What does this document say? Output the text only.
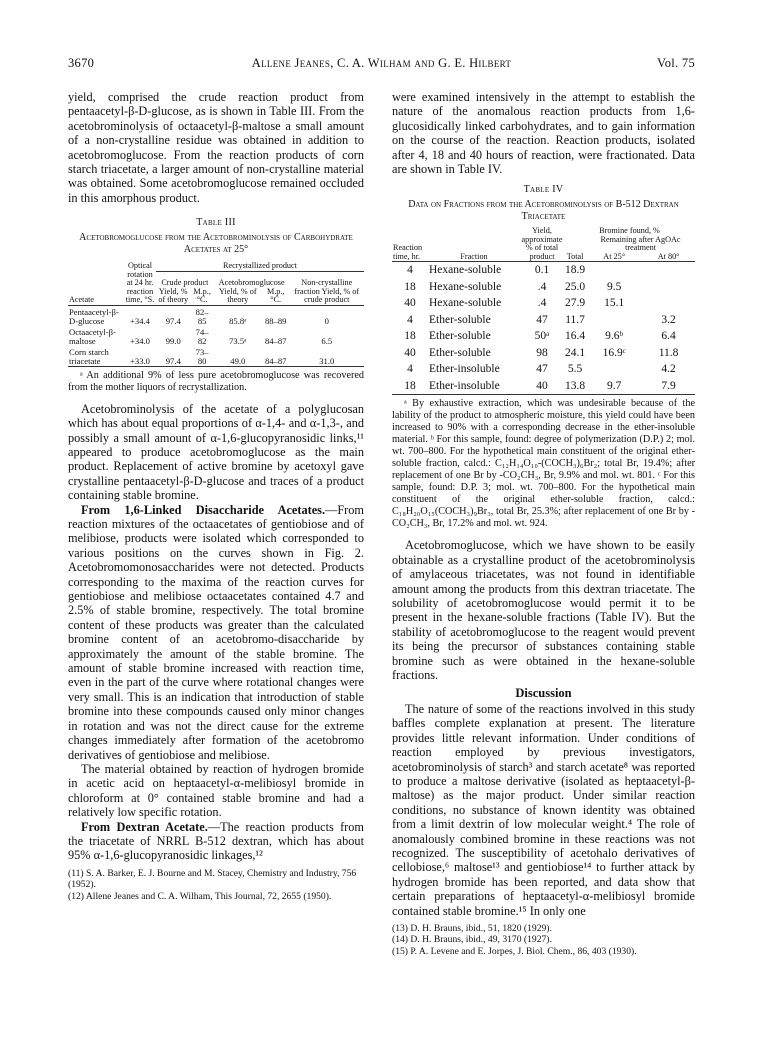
3670	Allene Jeanes, C. A. Wilham and G. E. Hilbert	Vol. 75

yield, comprised the crude reaction product from pentaacetyl-β-D-glucose, as is shown in Table III. From the acetobrominolysis of octaacetyl-β-maltose a small amount of a non-crystalline residue was obtained in addition to acetobromoglucose. From the reaction products of corn starch triacetate, a larger amount of non-crystalline material was obtained. Some acetobromoglucose remained occluded in this amorphous product.

Table III
Acetobromoglucose from the Acetobrominolysis of Carbohydrate Acetates at 25°
Acetate	Optical rotation at 24 hr. reaction time, °S.	Recrystallized product				
		Crude product		Acetobromoglucose		Non-crystalline fraction Yield, % of crude product
		Yield, % of theory	M.p., °C.	Yield, % of theory	M.p., °C.	
Pentaacetyl-β-D-glucose	+34.4	97.4	82–85	85.8ᵃ	88–89	0
Octaacetyl-β-maltose	+34.0	99.0	74–82	73.5ᵃ	84–87	6.5
Corn starch triacetate	+33.0	97.4	73–80	49.0	84–87	31.0

ᵃ An additional 9% of less pure acetobromoglucose was recovered from the mother liquors of recrystallization.

Acetobrominolysis of the acetate of a polyglucosan which has about equal proportions of α-1,4- and α-1,3-, and possibly a small amount of α-1,6-glucopyranosidic links,¹¹ appeared to produce acetobromoglucose as the main product. Replacement of active bromine by acetoxyl gave crystalline pentaacetyl-β-D-glucose and traces of a product containing stable bromine.

From 1,6-Linked Disaccharide Acetates.—From reaction mixtures of the octaacetates of gentiobiose and of melibiose, products were isolated which corresponded to various positions on the curves shown in Fig. 2. Acetobromomonosaccharides were not detected. Products corresponding to the maxima of the reaction curves for gentiobiose and melibiose octaacetates contained 4.7 and 2.5% of stable bromine, respectively. The total bromine content of these products was greater than the calculated bromine content of an acetobromo-disaccharide by approximately the amount of the stable bromine. The amount of stable bromine increased with reaction time, even in the part of the curve where rotational changes were very small. This is an indication that introduction of stable bromine into these compounds caused only minor changes in rotation and was not the direct cause for the extreme changes immediately after formation of the acetobromo derivatives of gentiobiose and melibiose.

The material obtained by reaction of hydrogen bromide in acetic acid on heptaacetyl-α-melibiosyl bromide in chloroform at 0° contained stable bromine and had a relatively low specific rotation.

From Dextran Acetate.—The reaction products from the triacetate of NRRL B-512 dextran, which has about 95% α-1,6-glucopyranosidic linkages,¹²

(11) S. A. Barker, E. J. Bourne and M. Stacey, Chemistry and Industry, 756 (1952).
(12) Allene Jeanes and C. A. Wilham, This Journal, 72, 2655 (1950).

were examined intensively in the attempt to establish the nature of the anomalous reaction products from 1,6-glucosidically linked carbohydrates, and to gain information on the course of the reaction. Reaction products, isolated after 4, 18 and 40 hours of reaction, were fractionated. Data are shown in Table IV.

Table IV
Data on Fractions from the Acetobrominolysis of B-512 Dextran Triacetate
Reaction time, hr.	Fraction	Yield, approximate % of total product	Bromine found, %		
			Total	Remaining after AgOAc treatment	
				At 25°	At 80°
4	Hexane-soluble	0.1	18.9		
18	Hexane-soluble	.4	25.0	9.5	
40	Hexane-soluble	.4	27.9	15.1	
4	Ether-soluble	47	11.7		3.2
18	Ether-soluble	50ᵃ	16.4	9.6ᵇ	6.4
40	Ether-soluble	98	24.1	16.9ᶜ	11.8
4	Ether-insoluble	47	5.5		4.2
18	Ether-insoluble	40	13.8	9.7	7.9

ᵃ By exhaustive extraction, which was undesirable because of the lability of the product to atmospheric moisture, this yield could have been increased to 90% with a corresponding decrease in the ether-insoluble material. ᵇ For this sample, found: degree of polymerization (D.P.) 2; mol. wt. 700–800. For the hypothetical main constituent of the original ether-soluble fraction, calcd.: C₁₂H₁₄O₁₀-(COCH₃)₆Br₂; total Br, 19.4%; after replacement of one Br by -CO₂CH₃, Br, 9.9% and mol. wt. 801. ᶜ For this sample, found: D.P. 3; mol. wt. 700–800. For the hypothetical main constituent of the original ether-soluble fraction, calcd.: C₁₈H₂₀O₁₅(COCH₃)₉Br₃, total Br, 25.3%; after replacement of one Br by -CO₂CH₃, Br, 17.2% and mol. wt. 924.

Acetobromoglucose, which we have shown to be easily obtainable as a crystalline product of the acetobrominolysis of amylaceous triacetates, was not found in identifiable amount among the products from this dextran triacetate. The solubility of acetobromoglucose would permit it to be present in the hexane-soluble fractions (Table IV). But the stability of acetobromoglucose to the reagent would prevent its being the precursor of substances containing stable bromine such as were obtained in the hexane-soluble fractions.

Discussion

The nature of some of the reactions involved in this study baffles complete explanation at present. The literature provides little relevant information. Under conditions of reaction employed by previous investigators, acetobrominolysis of starch³ and starch acetate⁸ was reported to produce a maltose derivative (isolated as heptaacetyl-β-maltose) as the major product. Under similar reaction conditions, no substance of known identity was obtained from a limit dextrin of low molecular weight.⁴ The role of anomalously combined bromine in these reactions was not recognized. The susceptibility of acetohalo derivatives of cellobiose,⁶ maltose¹³ and gentiobiose¹⁴ to further attack by hydrogen bromide has been reported, and data show that certain preparations of heptaacetyl-α-melibiosyl bromide contained stable bromine.¹⁵ In only one

(13) D. H. Brauns, ibid., 51, 1820 (1929).
(14) D. H. Brauns, ibid., 49, 3170 (1927).
(15) P. A. Levene and E. Jorpes, J. Biol. Chem., 86, 403 (1930).
